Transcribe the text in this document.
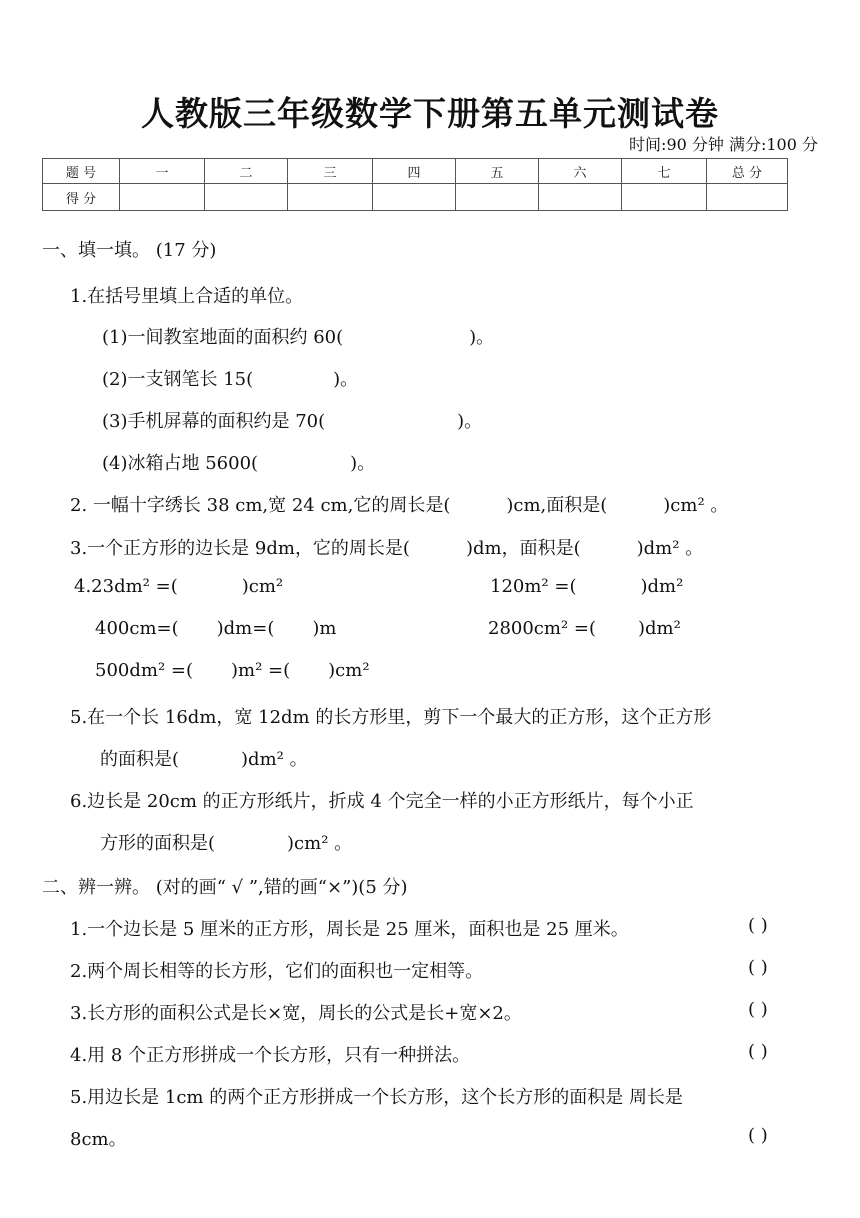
人教版三年级数学下册第五单元测试卷
时间:90 分钟 满分:100 分
题 号	一	二	三	四	五	六	七	总 分
得 分								
一、填一填。 (17 分)
1.在括号里填上合适的单位。
(1)一间教室地面的面积约 60(	)。
(2)一支钢笔长 15(	)。
(3)手机屏幕的面积约是 70(	)。
(4)冰箱占地 5600(	)。
2. 一幅十字绣长 38 cm,宽 24 cm,它的周长是(	)cm,面积是(	)cm² 。
3.一个正方形的边长是 9dm，它的周长是(	)dm，面积是(	)dm² 。
4.23dm² =(	)cm²	120m² =(	)dm²
400cm=( )dm=( )m	2800cm² =( )dm²
500dm² =( )m² =( )cm²
5.在一个长 16dm，宽 12dm 的长方形里，剪下一个最大的正方形，这个正方形
的面积是(	)dm² 。
6.边长是 20cm 的正方形纸片，折成 4 个完全一样的小正方形纸片，每个小正
方形的面积是(	)cm² 。
二、辨一辨。 (对的画“ √ ”,错的画“×”)(5 分)
1.一个边长是 5 厘米的正方形，周长是 25 厘米，面积也是 25 厘米。	( )
2.两个周长相等的长方形，它们的面积也一定相等。	( )
3.长方形的面积公式是长×宽，周长的公式是长+宽×2。	( )
4.用 8 个正方形拼成一个长方形，只有一种拼法。	( )
5.用边长是 1cm 的两个正方形拼成一个长方形，这个长方形的面积是 周长是
8cm。	( )
